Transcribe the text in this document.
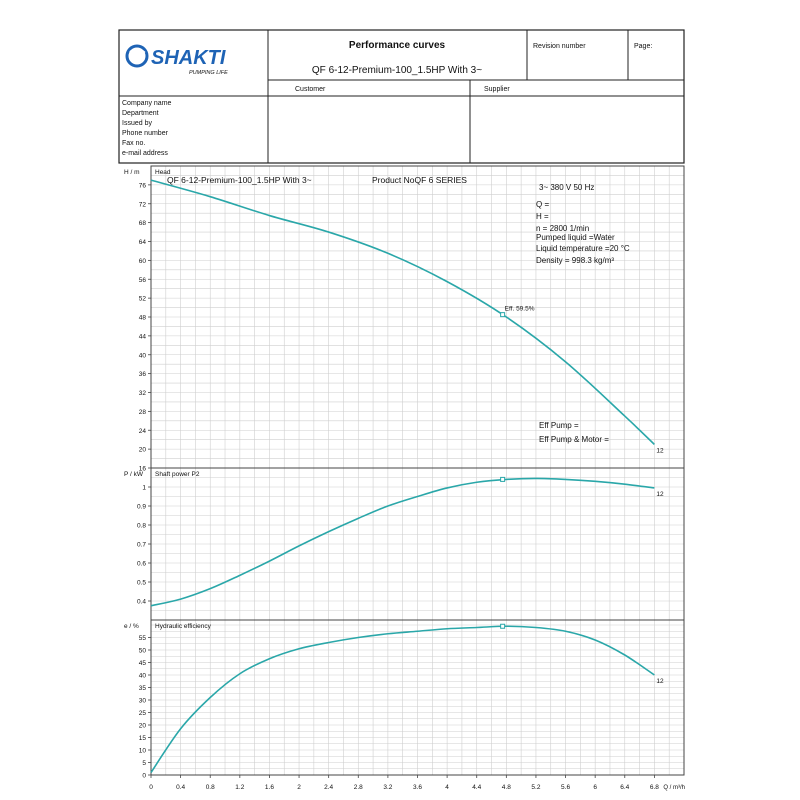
SHAKTI
PUMPING LIFE
Performance curves
QF 6-12-Premium-100_1.5HP With 3~
Revision number	Page:
Customer	Supplier
Company name
Department
Issued by
Phone number
Fax no.
e-mail address
16
20
24
28
32
36
40
44
48
52
56
60
64
68
72
76
H / m Head
12
Eff. 59.5%
QF 6-12-Premium-100_1.5HP With 3~	Product NoQF 6 SERIES
3~ 380 V 50 Hz
Q =
H =
n = 2800 1/min
Pumped liquid =Water
Liquid temperature =20 °C
Density = 998.3 kg/m³
Eff Pump =
Eff Pump & Motor =
0.4
0.5
0.6
0.7
0.8
0.9
1
P / kW Shaft power P2
12
0
5
10
15
20
25
30
35
40
45
50
55
e / % Hydraulic efficiency
12
0	0.4	0.8	1.2	1.6	2	2.4	2.8	3.2	3.6	4	4.4	4.8	5.2	5.6	6	6.4	6.8 Q / m³/h
